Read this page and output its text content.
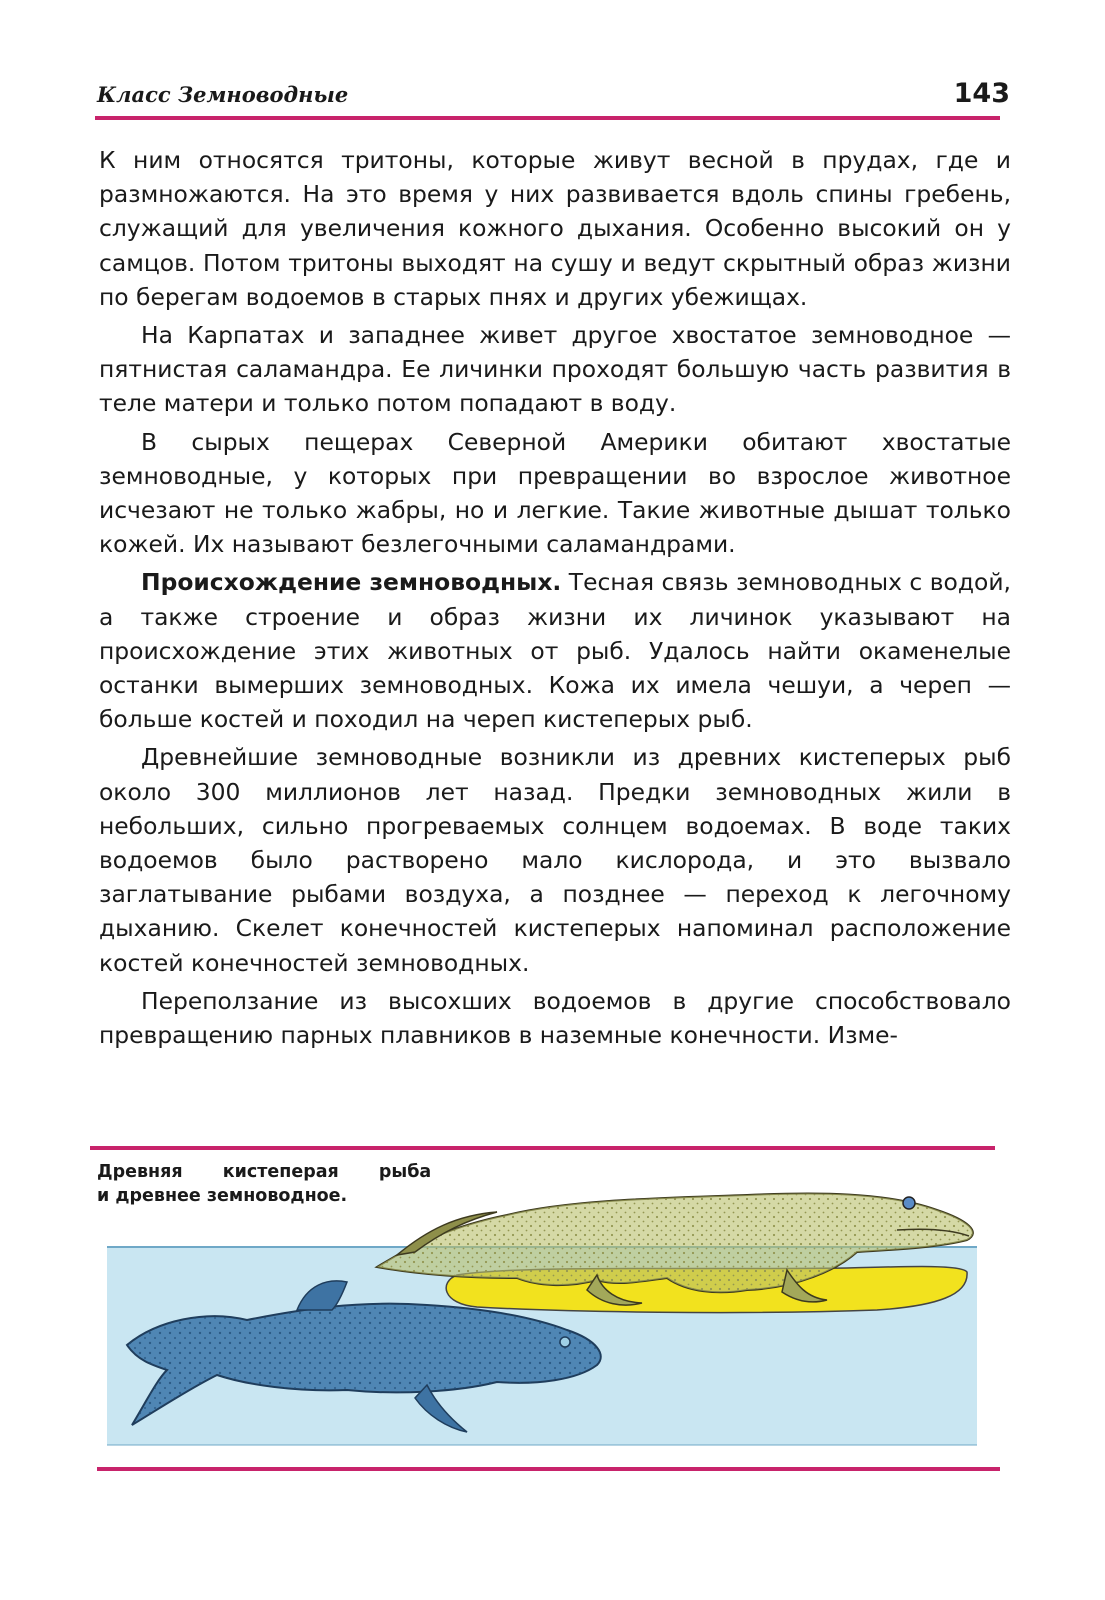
Класс Земноводные	143

К ним относятся тритоны, которые живут весной в прудах, где и размножаются. На это время у них развивается вдоль спины гребень, служащий для увеличения кожного дыхания. Особенно высокий он у самцов. Потом тритоны выходят на сушу и ведут скрытный образ жизни по берегам водоемов в старых пнях и других убежищах.

На Карпатах и западнее живет другое хвостатое земноводное — пятнистая саламандра. Ее личинки проходят большую часть развития в теле матери и только потом попадают в воду.

В сырых пещерах Северной Америки обитают хвостатые земноводные, у которых при превращении во взрослое животное исчезают не только жабры, но и легкие. Такие животные дышат только кожей. Их называют безлегочными саламандрами.

Происхождение земноводных. Тесная связь земноводных с водой, а также строение и образ жизни их личинок указывают на происхождение этих животных от рыб. Удалось найти окаменелые останки вымерших земноводных. Кожа их имела чешуи, а череп — больше костей и походил на череп кистеперых рыб.

Древнейшие земноводные возникли из древних кистеперых рыб около 300 миллионов лет назад. Предки земноводных жили в небольших, сильно прогреваемых солнцем водоемах. В воде таких водоемов было растворено мало кислорода, и это вызвало заглатывание рыбами воздуха, а позднее — переход к легочному дыханию. Скелет конечностей кистеперых напоминал расположение костей конечностей земноводных.

Переползание из высохших водоемов в другие способствовало превращению парных плавников в наземные конечности. Изме-

Древняя кистеперая рыба
и древнее земноводное.
